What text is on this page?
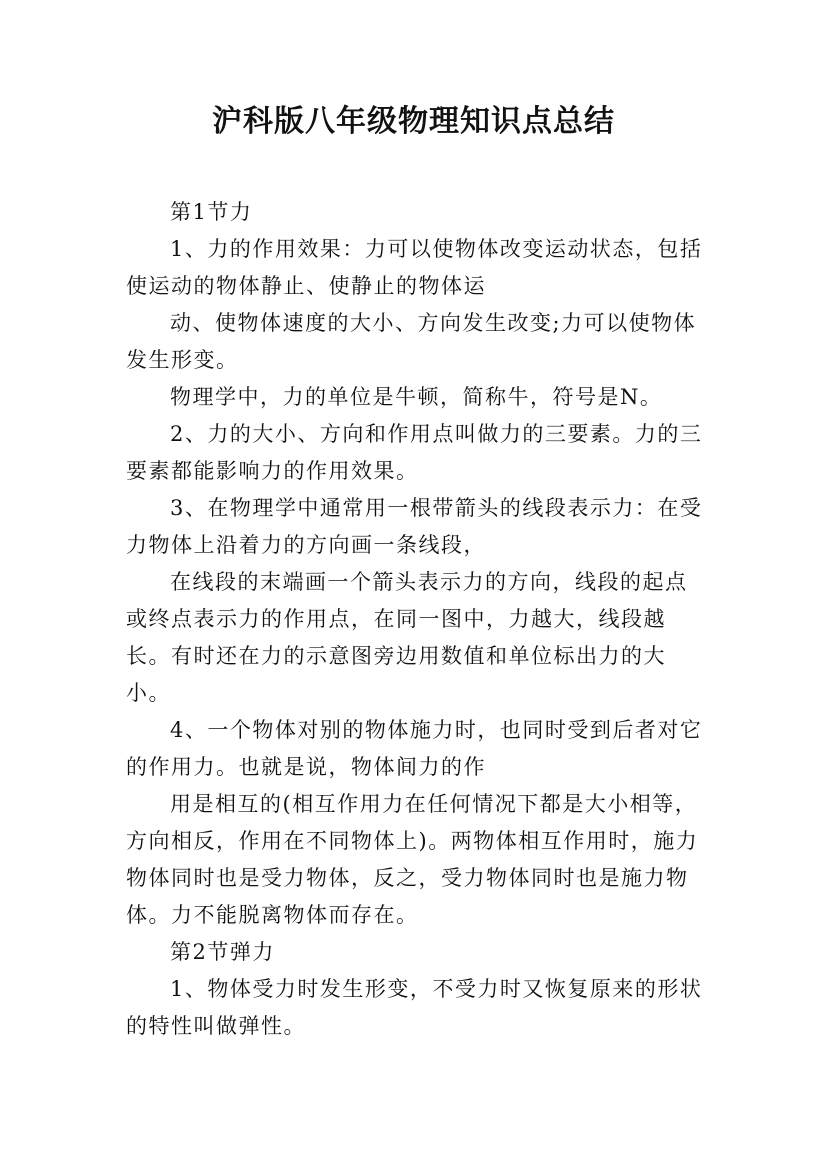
沪科版八年级物理知识点总结

第1节力

1、力的作用效果：力可以使物体改变运动状态，包括使运动的物体静止、使静止的物体运

动、使物体速度的大小、方向发生改变;力可以使物体发生形变。

物理学中，力的单位是牛顿，简称牛，符号是N。

2、力的大小、方向和作用点叫做力的三要素。力的三要素都能影响力的作用效果。

3、在物理学中通常用一根带箭头的线段表示力：在受力物体上沿着力的方向画一条线段，

在线段的末端画一个箭头表示力的方向，线段的起点或终点表示力的作用点，在同一图中，力越大，线段越长。有时还在力的示意图旁边用数值和单位标出力的大小。

4、一个物体对别的物体施力时，也同时受到后者对它的作用力。也就是说，物体间力的作

用是相互的(相互作用力在任何情况下都是大小相等，方向相反，作用在不同物体上)。两物体相互作用时，施力物体同时也是受力物体，反之，受力物体同时也是施力物体。力不能脱离物体而存在。

第2节弹力

1、物体受力时发生形变，不受力时又恢复原来的形状的特性叫做弹性。
